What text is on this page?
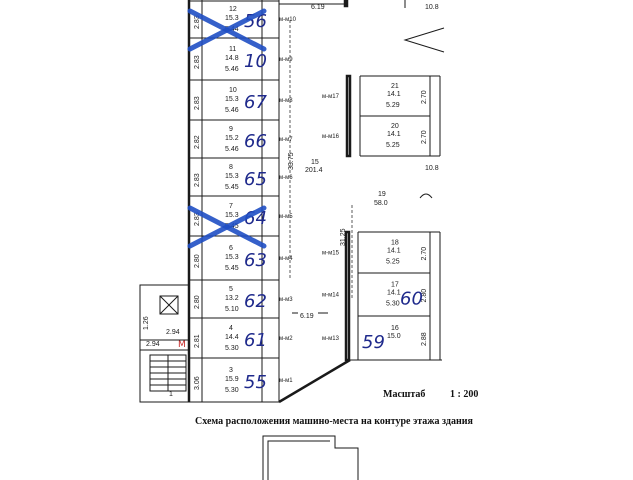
2.83
12
15.3
5.44
м-м10
56
2.83
11
14.8
5.46
м-м9
10
2.83
10
15.3
5.46
м-м8
67
2.82
9
15.2
5.46
м-м7
66
2.83
8
15.3
5.45
м-м6
65
2.83
7
15.3
5.45
м-м5
64
2.80
6
15.3
5.45
м-м4
63
2.80
5
13.2
5.10
м-м3
62
2.81
4
14.4
5.30
м-м2
61
3.06
3
15.9
5.30
м-м1
55
1.26
2.94
2.94
1
M
6.19
33.75 15
201.4
6.19
10.8
10.8
м-м17
21
14.1
5.29
2.70
м-м16
20
14.1
5.25
2.70
19
58.0
31.25
м-м15
18
14.1
5.25
2.70
м-м14
17
14.1
5.30
2.80
60
м-м13
16
15.0	2.88
59
Масштаб 1 : 200
Схема расположения машино-места на контуре этажа здания
